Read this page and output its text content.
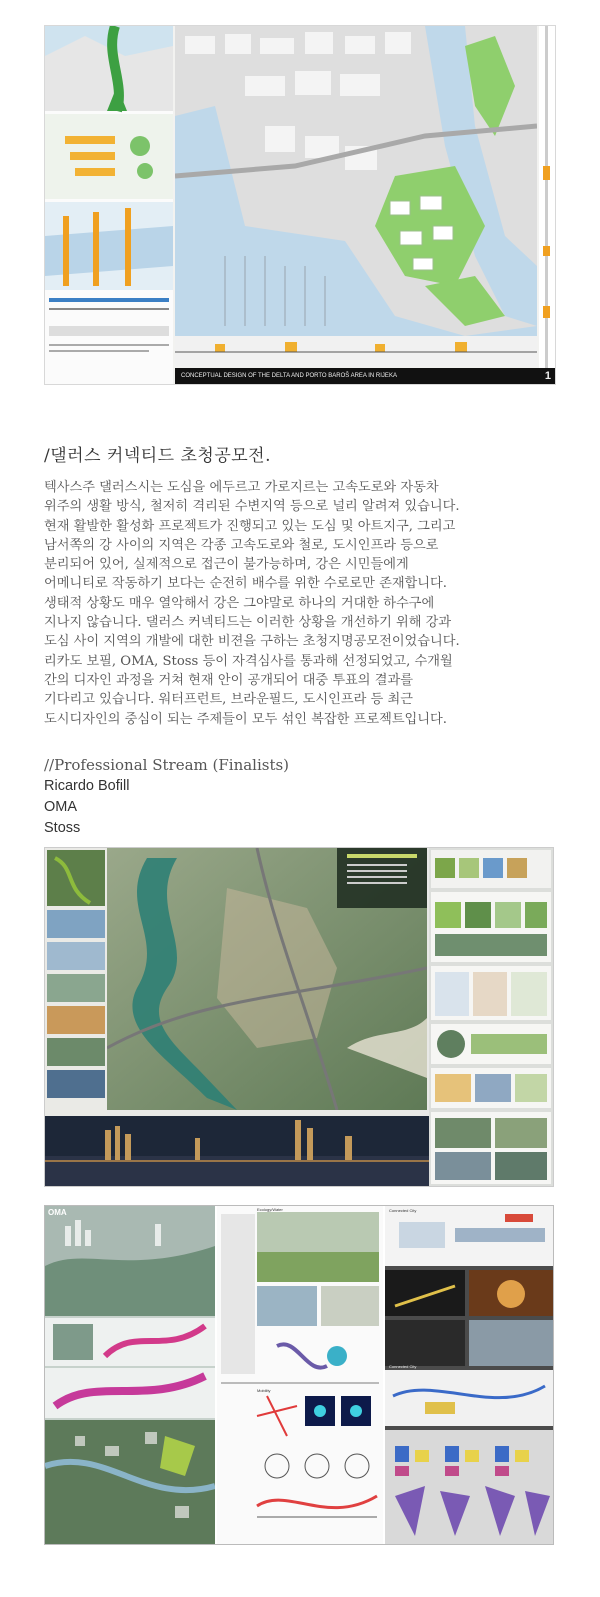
CONCEPTUAL DESIGN OF THE DELTA AND PORTO BAROŠ AREA IN RIJEKA	1
/댈러스 커넥티드 초청공모전.

텍사스주 댈러스시는 도심을 에두르고 가로지르는 고속도로와 자동차
위주의 생활 방식, 철저히 격리된 수변지역 등으로 널리 알려져 있습니다.
현재 활발한 활성화 프로젝트가 진행되고 있는 도심 및 아트지구, 그리고
남서쪽의 강 사이의 지역은 각종 고속도로와 철로, 도시인프라 등으로
분리되어 있어, 실제적으로 접근이 불가능하며, 강은 시민들에게
어메니티로 작동하기 보다는 순전히 배수를 위한 수로로만 존재합니다.
생태적 상황도 매우 열악해서 강은 그야말로 하나의 거대한 하수구에
지나지 않습니다. 댈러스 커넥티드는 이러한 상황을 개선하기 위해 강과
도심 사이 지역의 개발에 대한 비젼을 구하는 초청지명공모전이었습니다.
리카도 보필, OMA, Stoss 등이 자격심사를 통과해 선정되었고, 수개월
간의 디자인 과정을 거쳐 현재 안이 공개되어 대중 투표의 결과를
기다리고 있습니다. 워터프런트, 브라운필드, 도시인프라 등 최근
도시디자인의 중심이 되는 주제들이 모두 섞인 복잡한 프로젝트입니다.

//Professional Stream (Finalists)
Ricardo Bofill
OMA
Stoss
OMA	Ecology/Water
Mobility
Connected City
Connected City
